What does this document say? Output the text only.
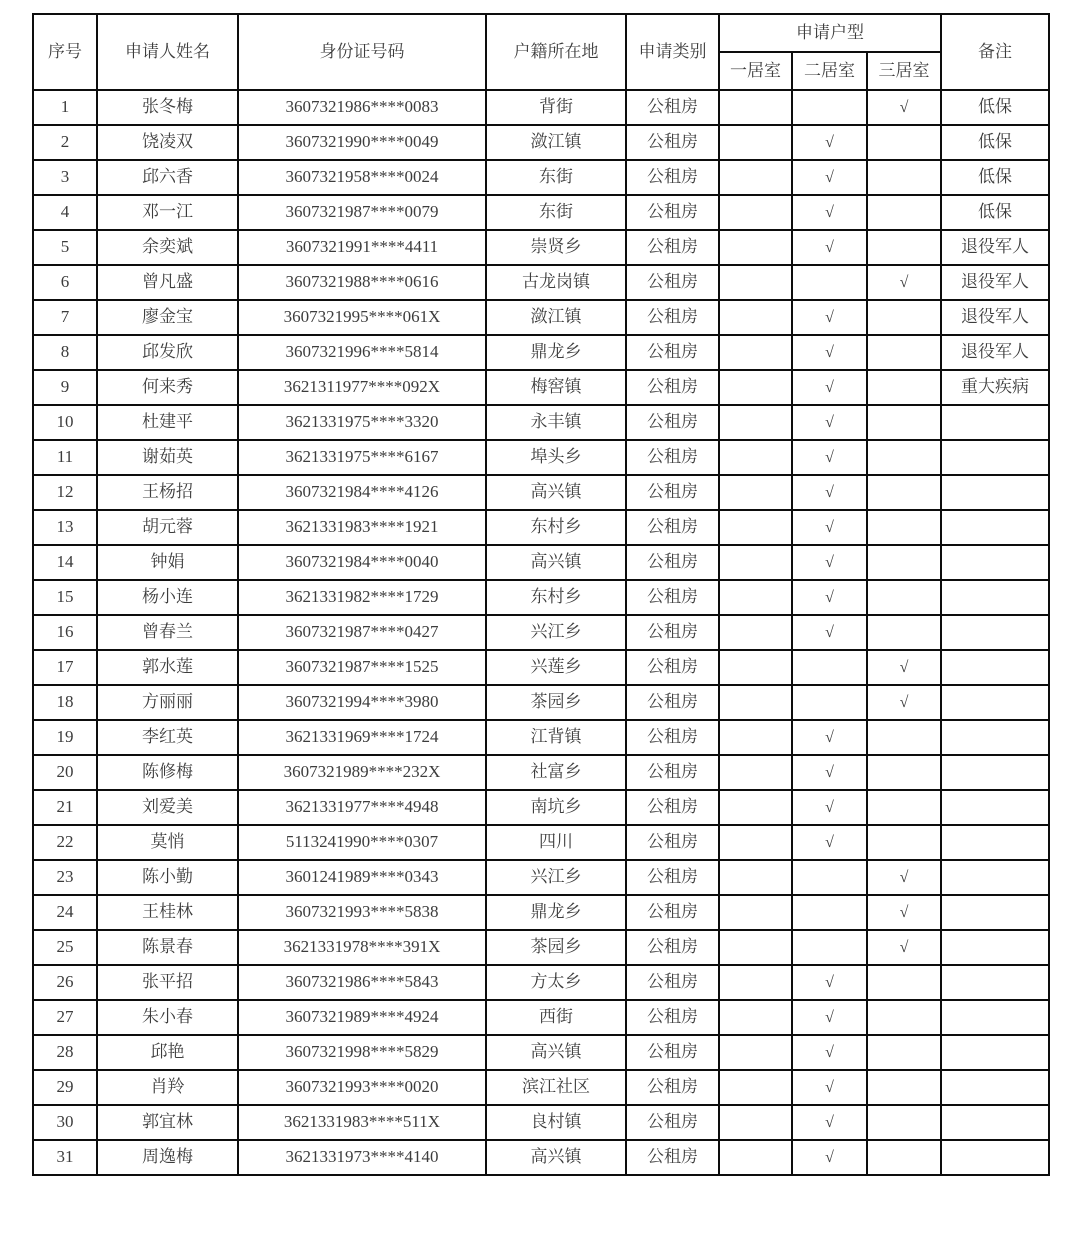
序号	申请人姓名	身份证号码	户籍所在地	申请类别	申请户型			备注
					一居室	二居室	三居室	
1	张冬梅	3607321986****0083	背街	公租房			√	低保
2	饶凌双	3607321990****0049	潋江镇	公租房		√		低保
3	邱六香	3607321958****0024	东街	公租房		√		低保
4	邓一江	3607321987****0079	东街	公租房		√		低保
5	余奕斌	3607321991****4411	崇贤乡	公租房		√		退役军人
6	曾凡盛	3607321988****0616	古龙岗镇	公租房			√	退役军人
7	廖金宝	3607321995****061X	潋江镇	公租房		√		退役军人
8	邱发欣	3607321996****5814	鼎龙乡	公租房		√		退役军人
9	何来秀	3621311977****092X	梅窖镇	公租房		√		重大疾病
10	杜建平	3621331975****3320	永丰镇	公租房		√		
11	谢茹英	3621331975****6167	埠头乡	公租房		√		
12	王杨招	3607321984****4126	高兴镇	公租房		√		
13	胡元蓉	3621331983****1921	东村乡	公租房		√		
14	钟娟	3607321984****0040	高兴镇	公租房		√		
15	杨小连	3621331982****1729	东村乡	公租房		√		
16	曾春兰	3607321987****0427	兴江乡	公租房		√		
17	郭水莲	3607321987****1525	兴莲乡	公租房			√	
18	方丽丽	3607321994****3980	茶园乡	公租房			√	
19	李红英	3621331969****1724	江背镇	公租房		√		
20	陈修梅	3607321989****232X	社富乡	公租房		√		
21	刘爱美	3621331977****4948	南坑乡	公租房		√		
22	莫悄	5113241990****0307	四川	公租房		√		
23	陈小勤	3601241989****0343	兴江乡	公租房			√	
24	王桂林	3607321993****5838	鼎龙乡	公租房			√	
25	陈景春	3621331978****391X	茶园乡	公租房			√	
26	张平招	3607321986****5843	方太乡	公租房		√		
27	朱小春	3607321989****4924	西街	公租房		√		
28	邱艳	3607321998****5829	高兴镇	公租房		√		
29	肖羚	3607321993****0020	滨江社区	公租房		√		
30	郭宜林	3621331983****511X	良村镇	公租房		√		
31	周逸梅	3621331973****4140	高兴镇	公租房		√		
